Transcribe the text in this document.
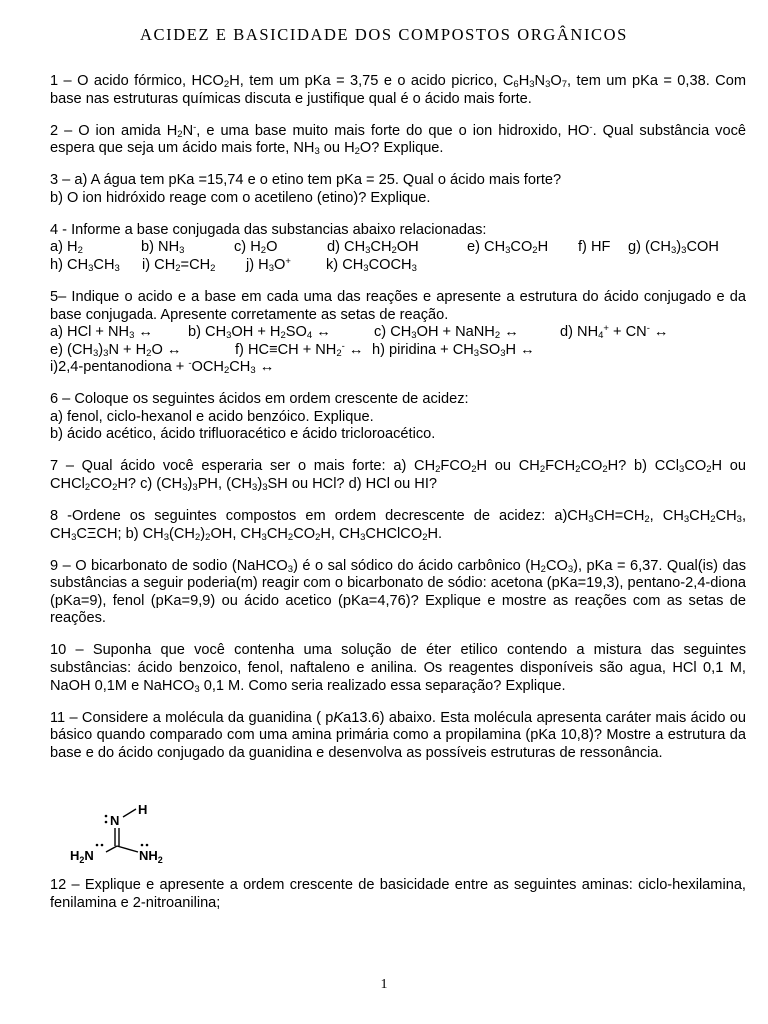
ACIDEZ E BASICIDADE DOS COMPOSTOS ORGÂNICOS

1 – O acido fórmico, $HCO_2H$, tem um pKa = 3,75 e o acido picrico, $C_6H_3N_3O_7$, tem um pKa = 0,38. Com base nas estruturas químicas discuta e justifique qual é o ácido mais forte.

2 – O ion amida $H_2N^-$, e uma base muito mais forte do que o ion hidroxido, HO-. Qual substância você espera que seja um ácido mais forte, $NH_3$ ou $H_2O$? Explique.

3 – a) A água tem pKa =15,74 e o etino tem pKa = 25. Qual o ácido mais forte?
b) O ion hidróxido reage com o acetileno (etino)? Explique.

4 - Informe a base conjugada das substancias abaixo relacionadas:
a) $H_2$	b) $NH_3$	c) $H_2O$	d) $CH_3CH_2OH$	e) $CH_3CO_2H$	f) HF	g) $(CH_3)_3COH$
h) $CH_3CH_3$	i) $CH_2=CH_2$	j) $H_3O^+$	k) $CH_3COCH_3$
5– Indique o acido e a base em cada uma das reações e apresente a estrutura do ácido conjugado e da base conjugada. Apresente corretamente as setas de reação.
a) HCl + $NH_3$ ↔	b) $CH_3OH + H_2SO_4$ ↔	c) $CH_3OH$ + NaNH$_2$ ↔	d) $NH_4^+ + CN^-$ ↔
e) $(CH_3)_3N + H_2O$ ↔	f) $HC\equiv CH + NH_2^-$ ↔ h) piridina + $CH_3SO_3H$ ↔
i)2,4-pentanodiona + $^-OCH_2CH_3$ ↔

6 – Coloque os seguintes ácidos em ordem crescente de acidez:
a) fenol, ciclo-hexanol e acido benzóico. Explique.
b) ácido acético, ácido trifluoracético e ácido tricloroacético.

7 – Qual ácido você esperaria ser o mais forte: a) $CH_2FCO_2H$ ou $CH_2FCH_2CO_2H$? b) $CCl_3CO_2H$ ou $CHCl_2CO_2H$? c) $(CH_3)_3PH$, $(CH_3)_3SH$ ou HCl? d) HCl ou HI?

8 -Ordene os seguintes compostos em ordem decrescente de acidez: $a)CH_3CH=CH_2$, $CH_3CH_2CH_3$, $CH_3C\Xi CH$; b) $CH_3(CH_2)_2OH$, $CH_3CH_2CO_2H$, $CH_3CHClCO_2H$.

9 – O bicarbonato de sodio (NaHCO$_3$) é o sal sódico do ácido carbônico $(H_2CO_3)$, pKa = 6,37. Qual(is) das substâncias a seguir poderia(m) reagir com o bicarbonato de sódio: acetona (pKa=19,3), pentano-2,4-diona (pKa=9), fenol (pKa=9,9) ou ácido acetico (pKa=4,76)? Explique e mostre as reações com as setas de reações.

10 – Suponha que você contenha uma solução de éter etilico contendo a mistura das seguintes substâncias: ácido benzoico, fenol, naftaleno e anilina. Os reagentes disponíveis são agua, HCl 0,1 M, NaOH 0,1M e NaHCO$_3$ 0,1 M. Como seria realizado essa separação? Explique.

11 – Considere a molécula da guanidina ( pKa13.6) abaixo. Esta molécula apresenta caráter mais ácido ou básico quando comparado com uma amina primária como a propilamina (pKa 10,8)? Mostre a estrutura da base e do ácido conjugado da guanidina e desenvolva as possíveis estruturas de ressonância.

N
H
$H_2N$	$NH_2$

12 – Explique e apresente a ordem crescente de basicidade entre as seguintes aminas: ciclo-hexilamina, fenilamina e 2-nitroanilina;

1
